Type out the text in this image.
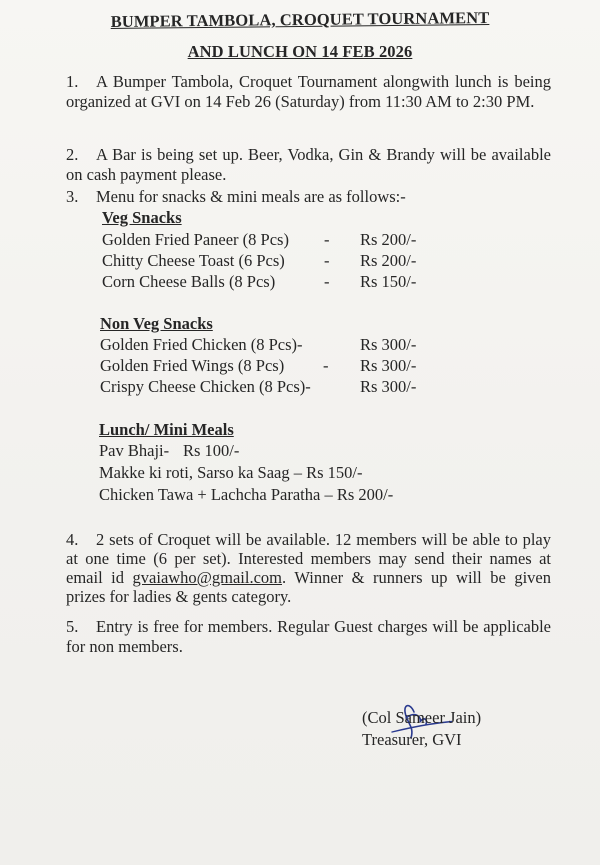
BUMPER TAMBOLA, CROQUET TOURNAMENT
AND LUNCH ON 14 FEB 2026

1. A Bumper Tambola, Croquet Tournament alongwith lunch is being organized at GVI on 14 Feb 26 (Saturday) from 11:30 AM to 2:30 PM.

2. A Bar is being set up. Beer, Vodka, Gin & Brandy will be available on cash payment please.

3. Menu for snacks & mini meals are as follows:-

Veg Snacks

Golden Fried Paneer (8 Pcs) - Rs 200/-
Chitty Cheese Toast (6 Pcs) - Rs 200/-
Corn Cheese Balls (8 Pcs)	- Rs 150/-

Non Veg Snacks

Golden Fried Chicken (8 Pcs)-	Rs 300/-
Golden Fried Wings (8 Pcs) - Rs 300/-
Crispy Cheese Chicken (8 Pcs)-	Rs 300/-

Lunch/ Mini Meals

Pav Bhaji- Rs 100/-

Makke ki roti, Sarso ka Saag – Rs 150/-

Chicken Tawa + Lachcha Paratha – Rs 200/-

4. 2 sets of Croquet will be available. 12 members will be able to play at one time (6 per set). Interested members may send their names at email id gvaiawho@gmail.com. Winner & runners up will be given prizes for ladies & gents category.

5. Entry is free for members. Regular Guest charges will be applicable for non members.

(Col Sameer Jain)

Treasurer, GVI
